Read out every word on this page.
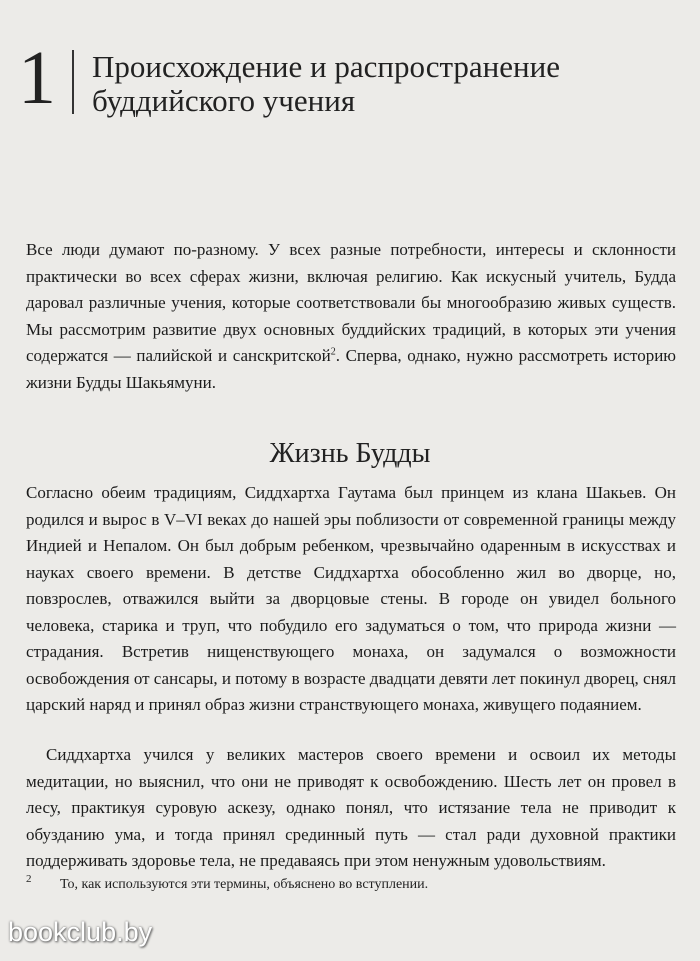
1 Происхождение и распространение
буддийского учения

Все люди думают по-разному. У всех разные потребности, интересы и склонности практически во всех сферах жизни, включая религию. Как искусный учитель, Будда даровал различные учения, которые соответствовали бы многообразию живых существ. Мы рассмотрим развитие двух основных буддийских традиций, в которых эти учения содержатся — палийской и санскритской$^2$. Сперва, однако, нужно рассмотреть историю жизни Будды Шакьямуни.

Жизнь Будды

Согласно обеим традициям, Сиддхартха Гаутама был принцем из клана Шакьев. Он родился и вырос в V–VI веках до нашей эры поблизости от современной границы между Индией и Непалом. Он был добрым ребенком, чрезвычайно одаренным в искусствах и науках своего времени. В детстве Сиддхартха обособленно жил во дворце, но, повзрослев, отважился выйти за дворцовые стены. В городе он увидел больного человека, старика и труп, что побудило его задуматься о том, что природа жизни — страдания. Встретив нищенствующего монаха, он задумался о возможности освобождения от сансары, и потому в возрасте двадцати девяти лет покинул дворец, снял царский наряд и принял образ жизни странствующего монаха, живущего подаянием.

Сиддхартха учился у великих мастеров своего времени и освоил их методы медитации, но выяснил, что они не приводят к освобождению. Шесть лет он провел в лесу, практикуя суровую аскезу, однако понял, что истязание тела не приводит к обузданию ума, и тогда принял срединный путь — стал ради духовной практики поддерживать здоровье тела, не предаваясь при этом ненужным удовольствиям.

2 То, как используются эти термины, объяснено во вступлении.
bookclub.by
